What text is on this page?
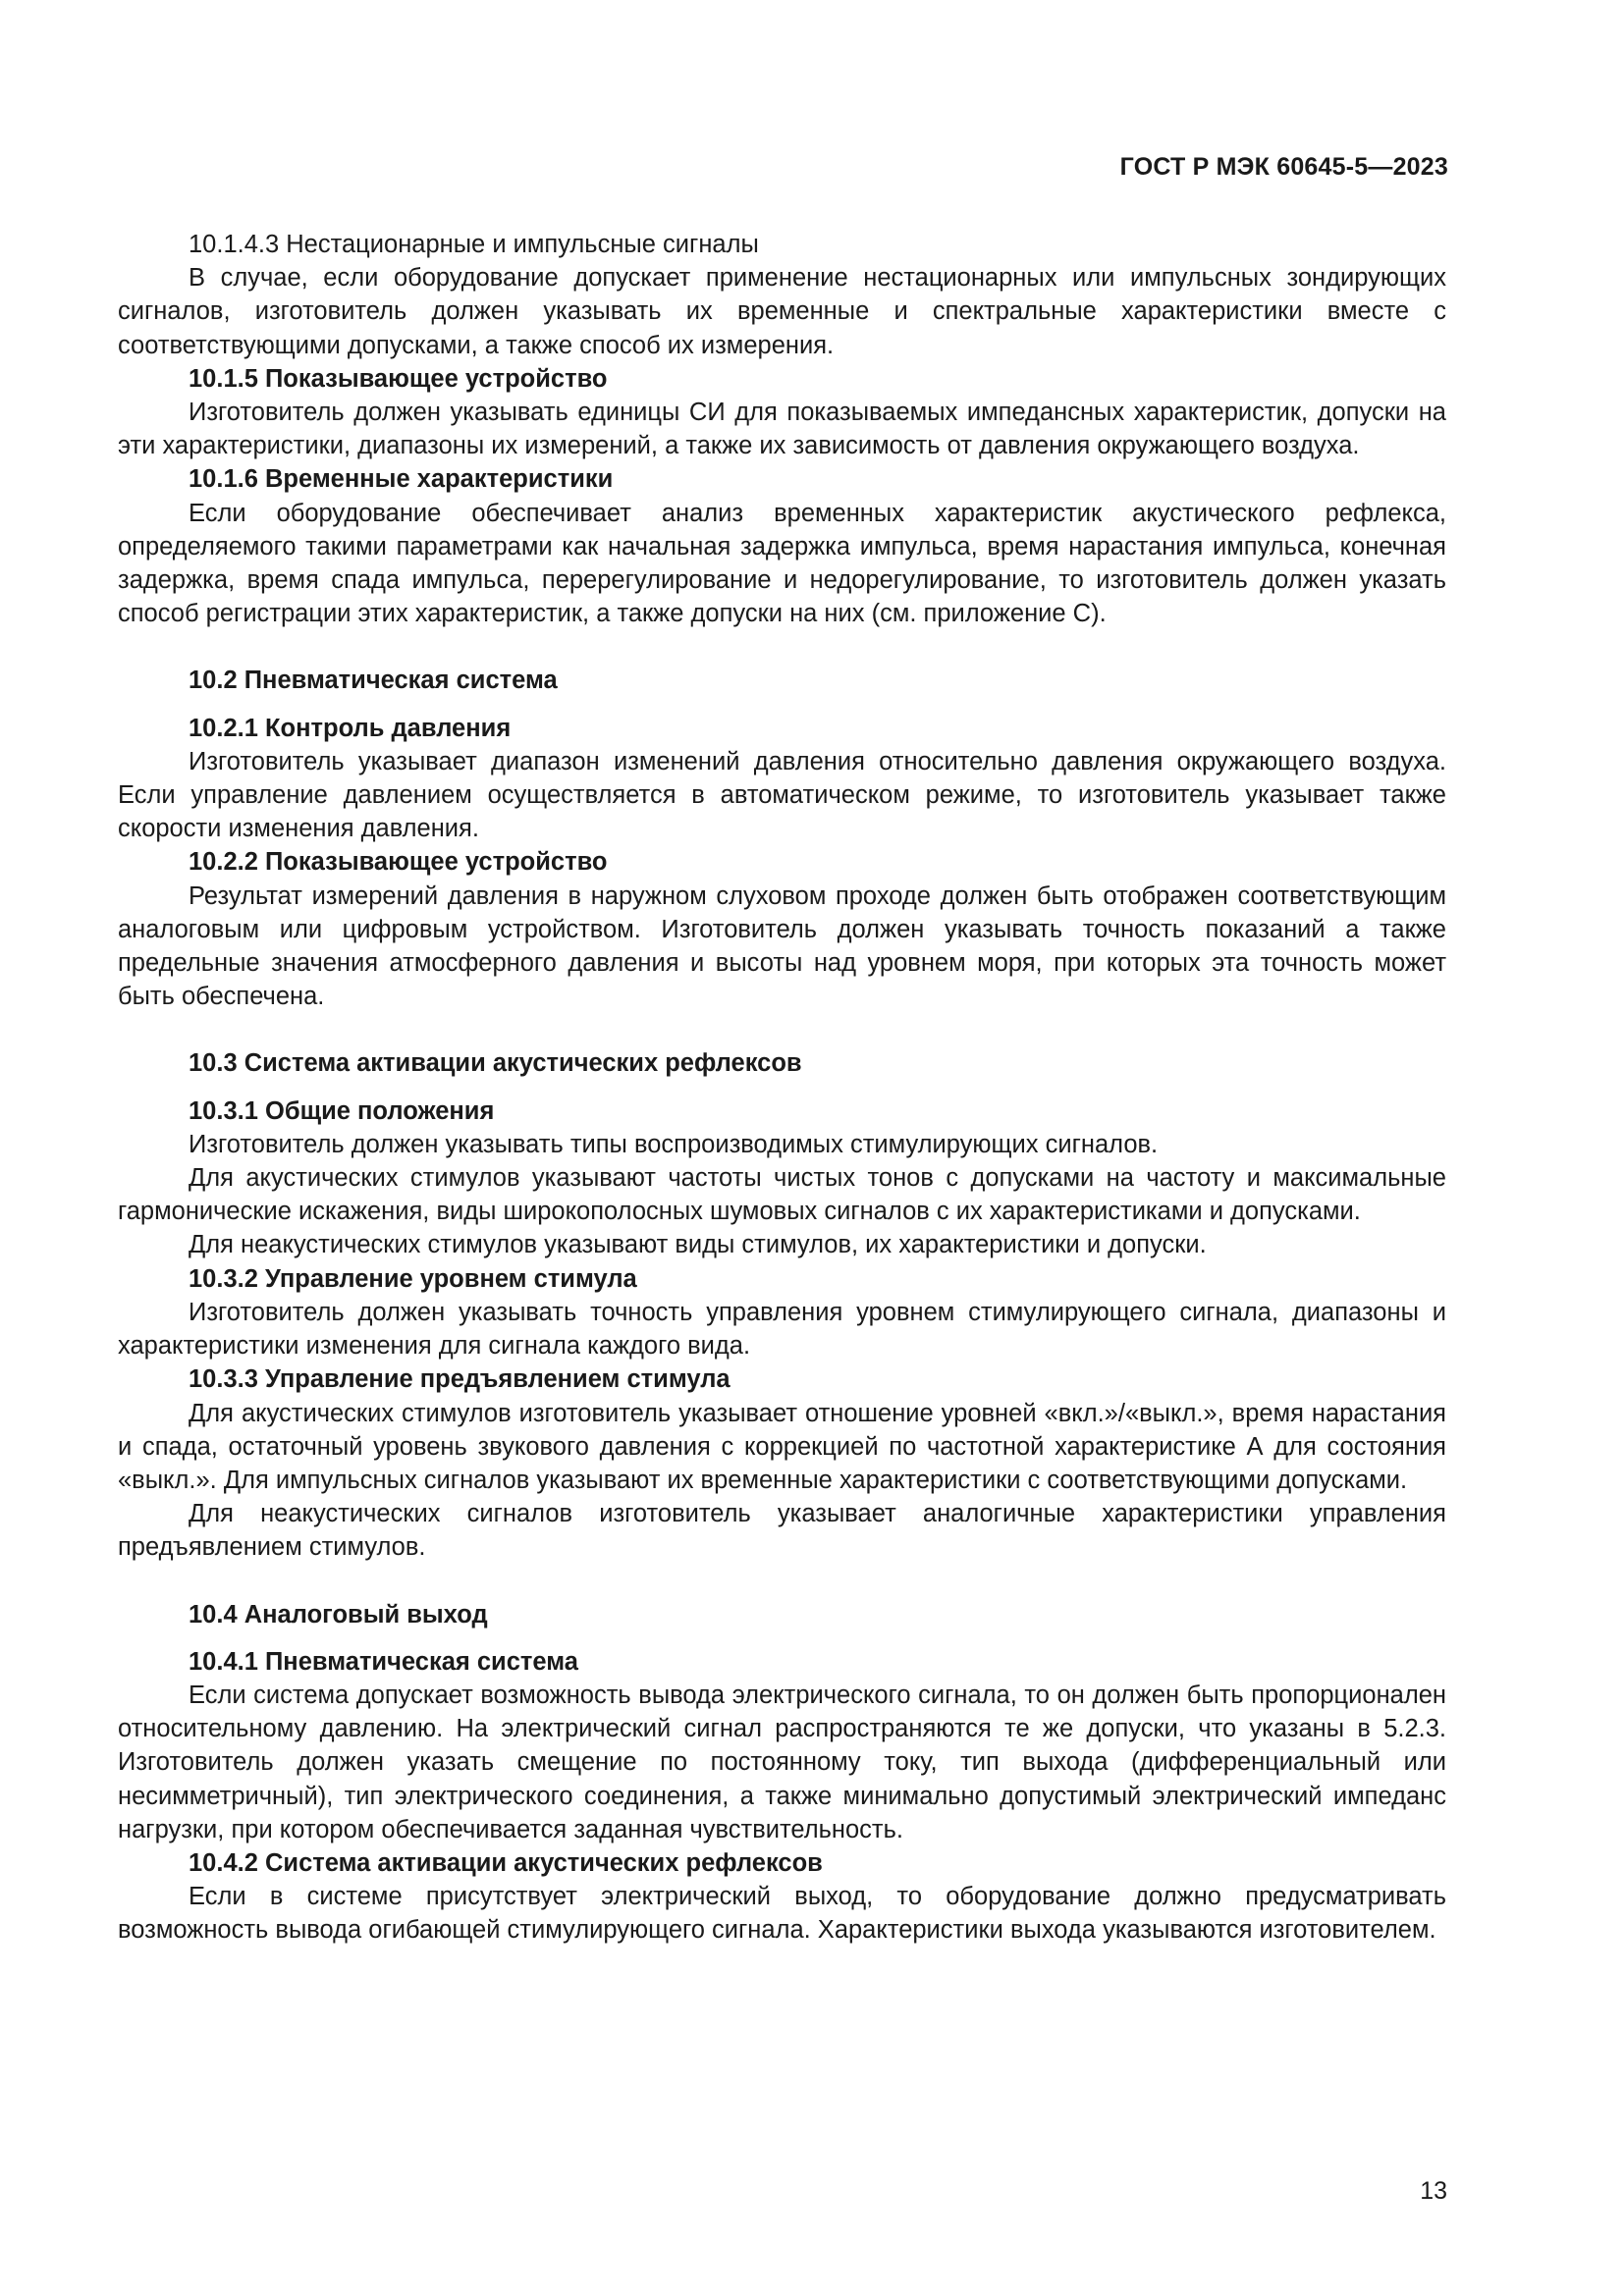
ГОСТ Р МЭК 60645-5—2023
10.1.4.3 Нестационарные и импульсные сигналы
В случае, если оборудование допускает применение нестационарных или импульсных зондирующих сигналов, изготовитель должен указывать их временные и спектральные характеристики вместе с соответствующими допусками, а также способ их измерения.
10.1.5 Показывающее устройство
Изготовитель должен указывать единицы СИ для показываемых импедансных характеристик, допуски на эти характеристики, диапазоны их измерений, а также их зависимость от давления окружающего воздуха.
10.1.6 Временные характеристики
Если оборудование обеспечивает анализ временных характеристик акустического рефлекса, определяемого такими параметрами как начальная задержка импульса, время нарастания импульса, конечная задержка, время спада импульса, перерегулирование и недорегулирование, то изготовитель должен указать способ регистрации этих характеристик, а также допуски на них (см. приложение С).
10.2 Пневматическая система
10.2.1 Контроль давления
Изготовитель указывает диапазон изменений давления относительно давления окружающего воздуха. Если управление давлением осуществляется в автоматическом режиме, то изготовитель указывает также скорости изменения давления.
10.2.2 Показывающее устройство
Результат измерений давления в наружном слуховом проходе должен быть отображен соответствующим аналоговым или цифровым устройством. Изготовитель должен указывать точность показаний а также предельные значения атмосферного давления и высоты над уровнем моря, при которых эта точность может быть обеспечена.
10.3 Система активации акустических рефлексов
10.3.1 Общие положения
Изготовитель должен указывать типы воспроизводимых стимулирующих сигналов.
Для акустических стимулов указывают частоты чистых тонов с допусками на частоту и максимальные гармонические искажения, виды широкополосных шумовых сигналов с их характеристиками и допусками.
Для неакустических стимулов указывают виды стимулов, их характеристики и допуски.
10.3.2 Управление уровнем стимула
Изготовитель должен указывать точность управления уровнем стимулирующего сигнала, диапазоны и характеристики изменения для сигнала каждого вида.
10.3.3 Управление предъявлением стимула
Для акустических стимулов изготовитель указывает отношение уровней «вкл.»/«выкл.», время нарастания и спада, остаточный уровень звукового давления с коррекцией по частотной характеристике А для состояния «выкл.». Для импульсных сигналов указывают их временные характеристики с соответствующими допусками.
Для неакустических сигналов изготовитель указывает аналогичные характеристики управления предъявлением стимулов.
10.4 Аналоговый выход
10.4.1 Пневматическая система
Если система допускает возможность вывода электрического сигнала, то он должен быть пропорционален относительному давлению. На электрический сигнал распространяются те же допуски, что указаны в 5.2.3. Изготовитель должен указать смещение по постоянному току, тип выхода (дифференциальный или несимметричный), тип электрического соединения, а также минимально допустимый электрический импеданс нагрузки, при котором обеспечивается заданная чувствительность.
10.4.2 Система активации акустических рефлексов
Если в системе присутствует электрический выход, то оборудование должно предусматривать возможность вывода огибающей стимулирующего сигнала. Характеристики выхода указываются изготовителем.
13
